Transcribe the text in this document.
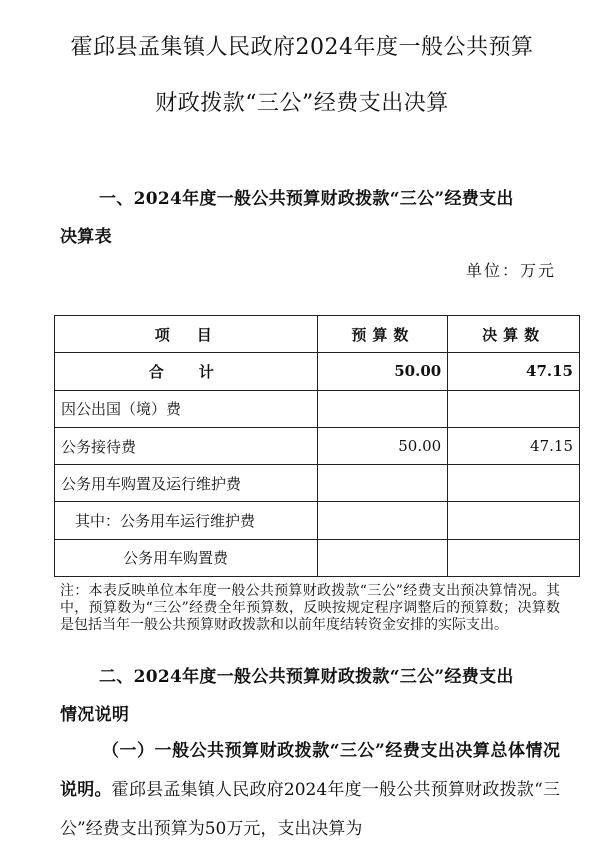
霍邱县孟集镇人民政府2024年度一般公共预算
财政拨款“三公”经费支出决算
一、2024年度一般公共预算财政拨款“三公”经费支出
决算表
单位：万元
项　目	预算数	决算数
合　计	50.00	47.15
因公出国（境）费		
公务接待费	50.00	47.15
公务用车购置及运行维护费		
其中：公务用车运行维护费		
公务用车购置费		
注：本表反映单位本年度一般公共预算财政拨款“三公”经费支出预决算情况。其中，预算数为“三公”经费全年预算数，反映按规定程序调整后的预算数；决算数是包括当年一般公共预算财政拨款和以前年度结转资金安排的实际支出。
二、2024年度一般公共预算财政拨款“三公”经费支出
情况说明
（一）一般公共预算财政拨款“三公”经费支出决算总体情况说明。霍邱县孟集镇人民政府2024年度一般公共预算财政拨款“三公”经费支出预算为50万元，支出决算为
